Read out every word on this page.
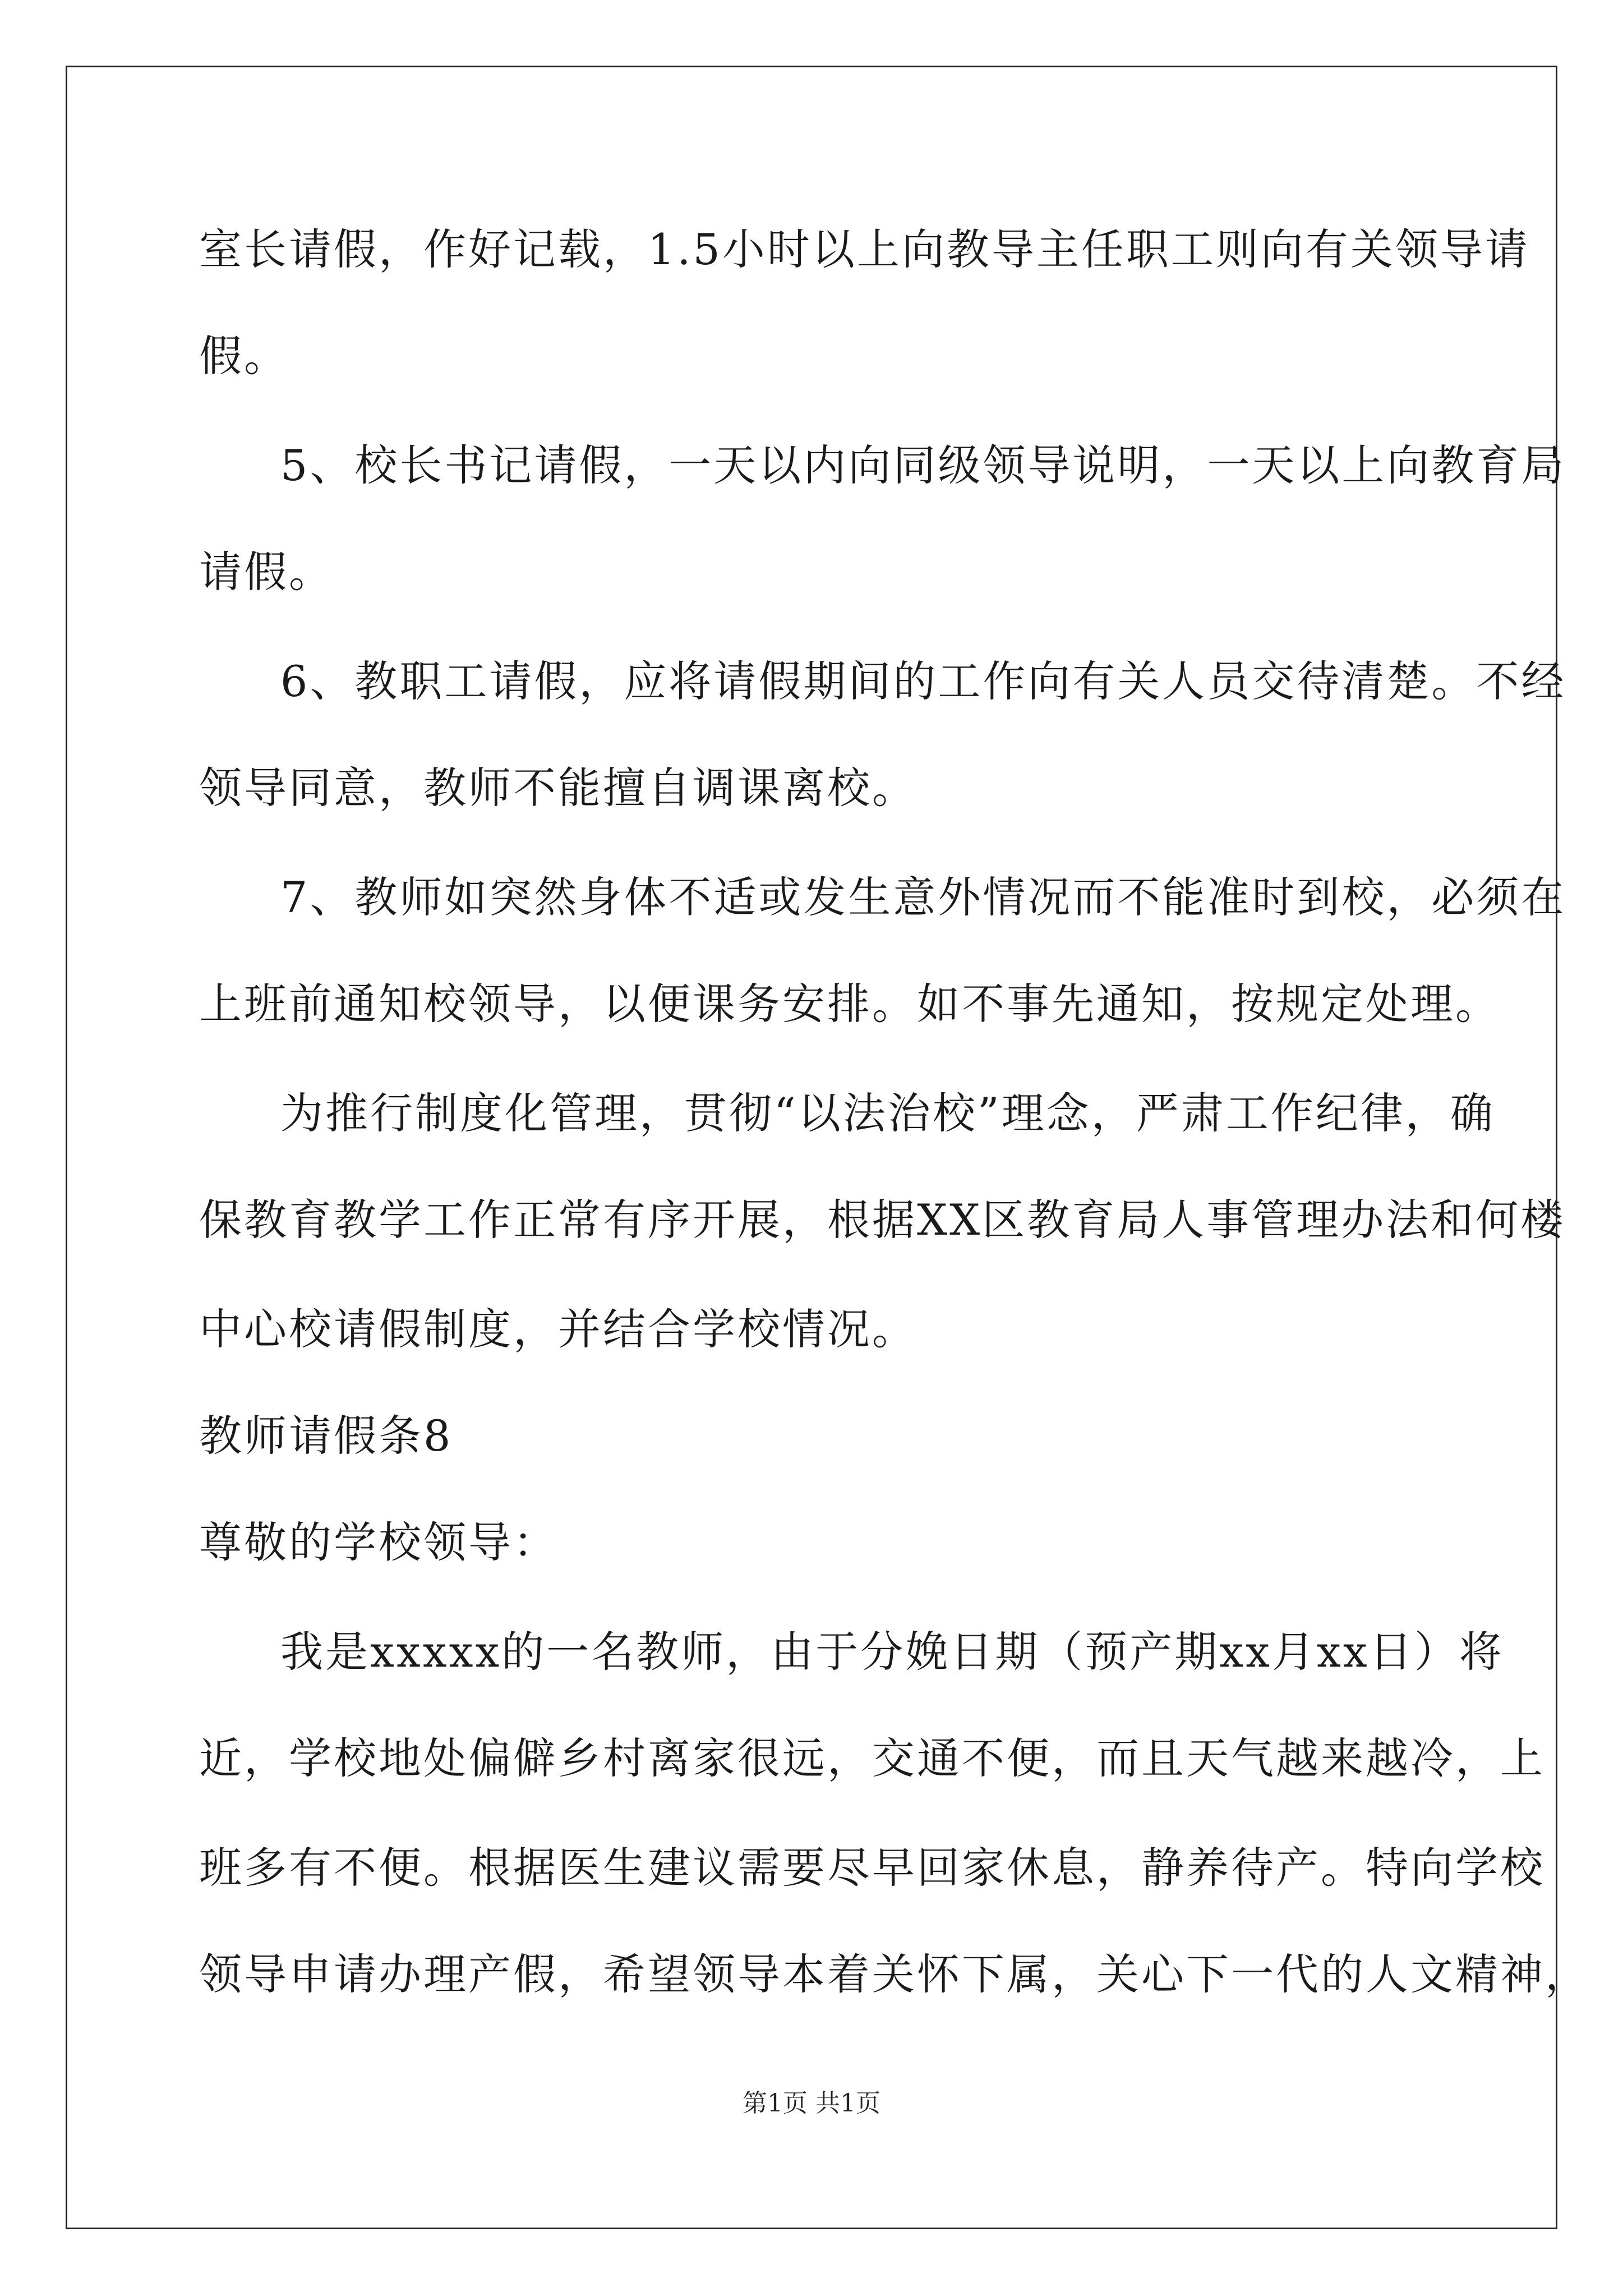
室长请假，作好记载，1.5小时以上向教导主任职工则向有关领导请
假。
5、校长书记请假，一天以内向同级领导说明，一天以上向教育局
请假。
6、教职工请假，应将请假期间的工作向有关人员交待清楚。不经
领导同意，教师不能擅自调课离校。
7、教师如突然身体不适或发生意外情况而不能准时到校，必须在
上班前通知校领导，以便课务安排。如不事先通知，按规定处理。
为推行制度化管理，贯彻“以法治校”理念，严肃工作纪律，确
保教育教学工作正常有序开展，根据XX区教育局人事管理办法和何楼
中心校请假制度，并结合学校情况。
教师请假条8
尊敬的学校领导：
我是xxxxx的一名教师，由于分娩日期（预产期xx月xx日）将
近，学校地处偏僻乡村离家很远，交通不便，而且天气越来越冷，上
班多有不便。根据医生建议需要尽早回家休息，静养待产。特向学校
领导申请办理产假，希望领导本着关怀下属，关心下一代的人文精神，
第1页 共1页
